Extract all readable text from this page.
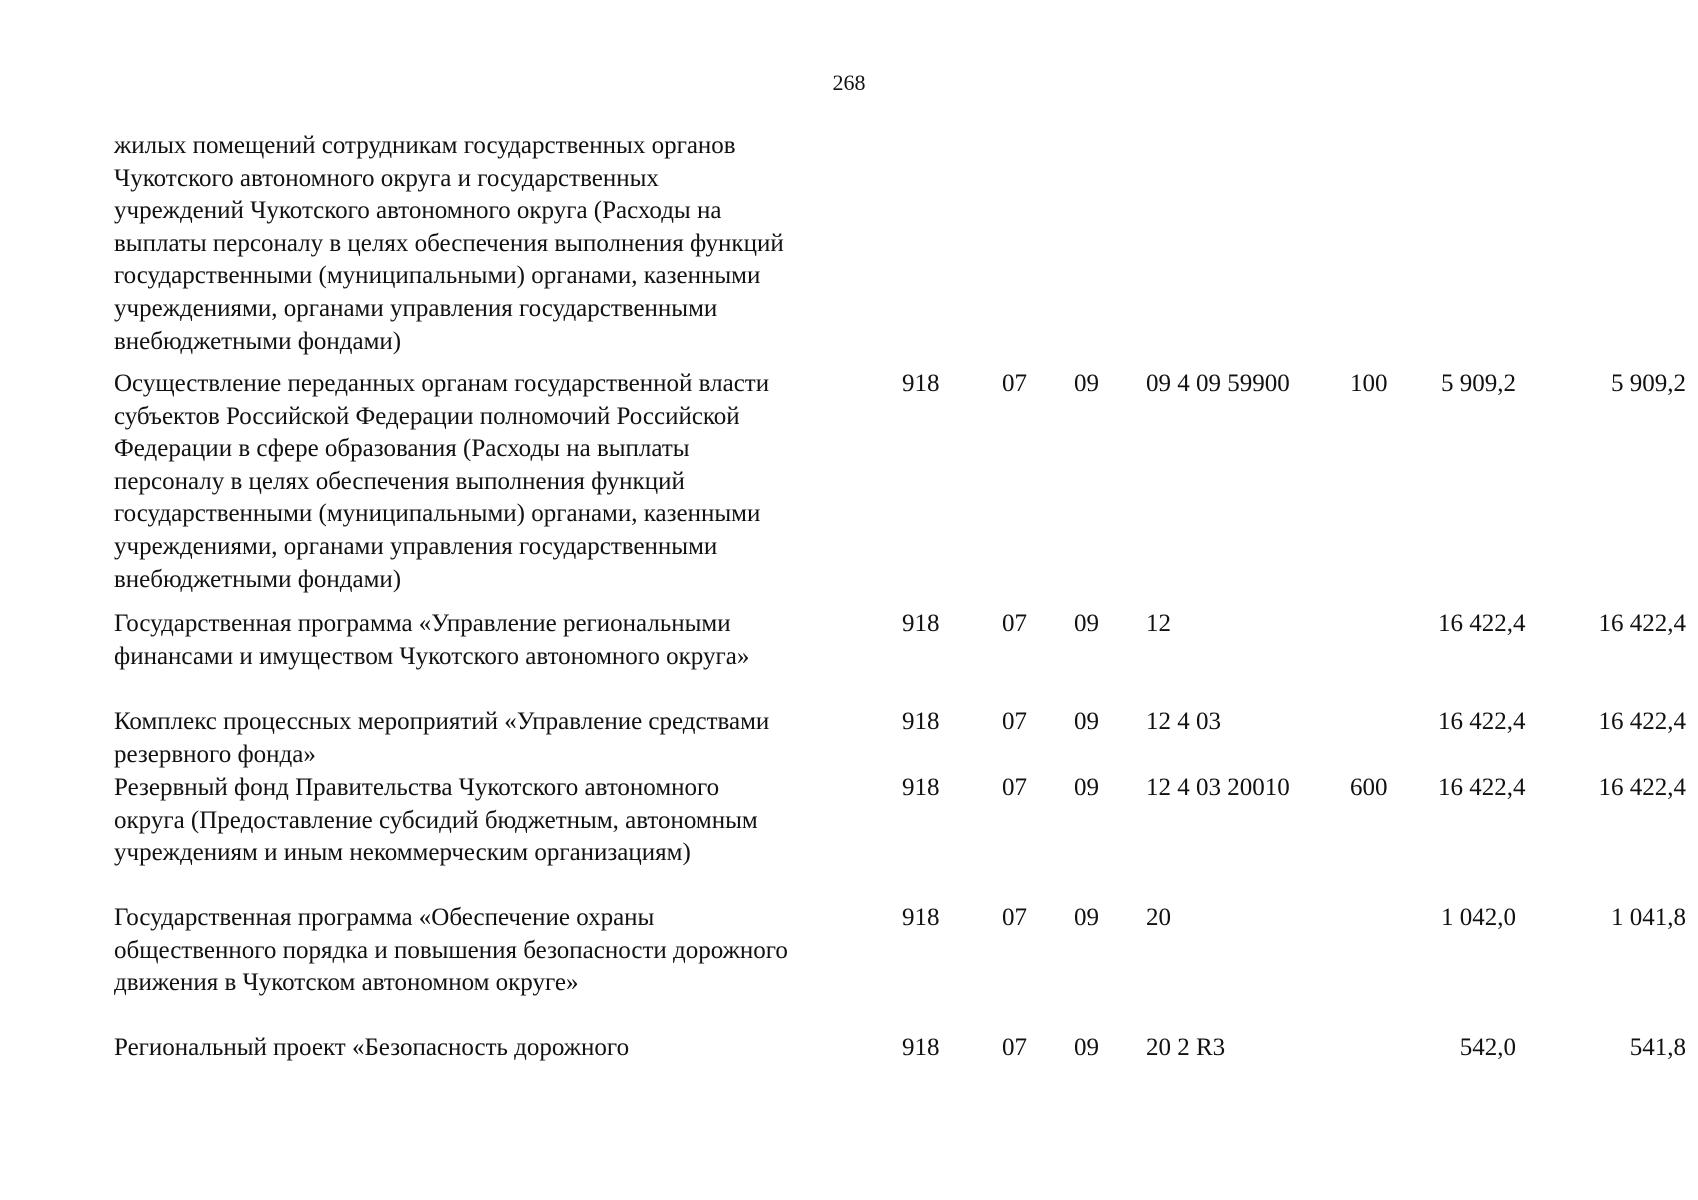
268
жилых помещений сотрудникам государственных органов Чукотского автономного округа и государственных учреждений Чукотского автономного округа (Расходы на выплаты персоналу в целях обеспечения выполнения функций государственными (муниципальными) органами, казенными учреждениями, органами управления государственными внебюджетными фондами)								
Осуществление переданных органам государственной власти субъектов Российской Федерации полномочий Российской Федерации в сфере образования (Расходы на выплаты персоналу в целях обеспечения выполнения функций государственными (муниципальными) органами, казенными учреждениями, органами управления государственными внебюджетными фондами)		918	07	09	09 4 09 59900	100	5 909,2	5 909,2
Государственная программа «Управление региональными финансами и имуществом Чукотского автономного округа»		918	07	09	12		16 422,4	16 422,4
Комплекс процессных мероприятий «Управление средствами резервного фонда»		918	07	09	12 4 03		16 422,4	16 422,4
Резервный фонд Правительства Чукотского автономного округа (Предоставление субсидий бюджетным, автономным учреждениям и иным некоммерческим организациям)		918	07	09	12 4 03 20010	600	16 422,4	16 422,4
Государственная программа «Обеспечение охраны общественного порядка и повышения безопасности дорожного движения в Чукотском автономном округе»		918	07	09	20		1 042,0	1 041,8
Региональный проект «Безопасность дорожного		918	07	09	20 2 R3		542,0	541,8
